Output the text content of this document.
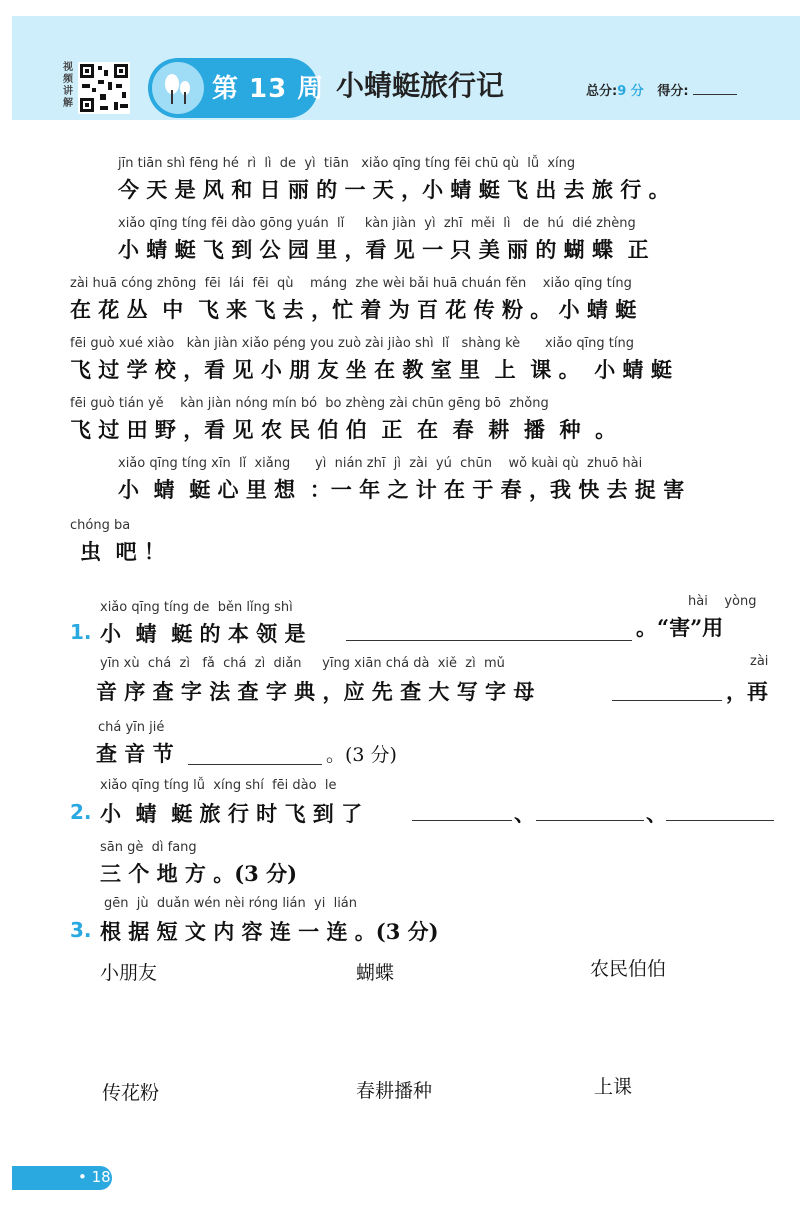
视频讲解	第 13 周 小蜻蜓旅行记	总分:9 分 得分:
jīn tiān shì fēng hé  rì  lì  de  yì  tiān   xiǎo qīng tíng fēi chū qù  lǚ  xíng
今 天 是 风 和 日 丽 的 一 天 ，小 蜻 蜓 飞 出 去 旅 行 。
xiǎo qīng tíng fēi dào gōng yuán  lǐ     kàn jiàn  yì  zhī  měi  lì   de  hú  dié zhèng
小 蜻 蜓 飞 到 公 园 里 ，看 见 一 只 美 丽 的 蝴 蝶  正
zài huā cóng zhōng  fēi  lái  fēi  qù    máng  zhe wèi bǎi huā chuán fěn    xiǎo qīng tíng
在 花 丛  中  飞 来 飞 去 ，忙 着 为 百 花 传 粉 。 小 蜻 蜓
fēi guò xué xiào   kàn jiàn xiǎo péng you zuò zài jiào shì  lǐ   shàng kè      xiǎo qīng tíng
飞 过 学 校 ，看 见 小 朋 友 坐 在 教 室 里  上  课 。  小 蜻 蜓
fēi guò tián yě    kàn jiàn nóng mín bó  bo zhèng zài chūn gēng bō  zhǒng
飞 过 田 野 ，看 见 农 民 伯 伯  正  在  春  耕  播  种  。
xiǎo qīng tíng xīn  lǐ  xiǎng      yì  nián zhī  jì  zài  yú  chūn    wǒ kuài qù  zhuō hài
小  蜻  蜓 心 里 想  ：一 年 之 计 在 于 春 ，我 快 去 捉 害
chóng ba
虫  吧 ！
xiǎo qīng tíng de  běn lǐng shì
1. 小  蜻  蜓 的 本 领 是
hài    yòng
。“害”用
yīn xù  chá  zì   fǎ  chá  zì  diǎn     yīng xiān chá dà  xiě  zì  mǔ
音 序 查 字 法 查 字 典 ，应 先 查 大 写 字 母
zài
，再
chá yīn jié
查 音 节	。(3 分)
xiǎo qīng tíng lǚ  xíng shí  fēi dào  le
2. 小  蜻  蜓 旅 行 时 飞 到 了	、	、
sān gè  dì fang
三 个 地 方 。(3 分)
gēn  jù  duǎn wén nèi róng lián  yi  lián
3. 根 据 短 文 内 容 连 一 连 。(3 分)
小朋友	蝴蝶	农民伯伯
传花粉	春耕播种	上课
• 18
